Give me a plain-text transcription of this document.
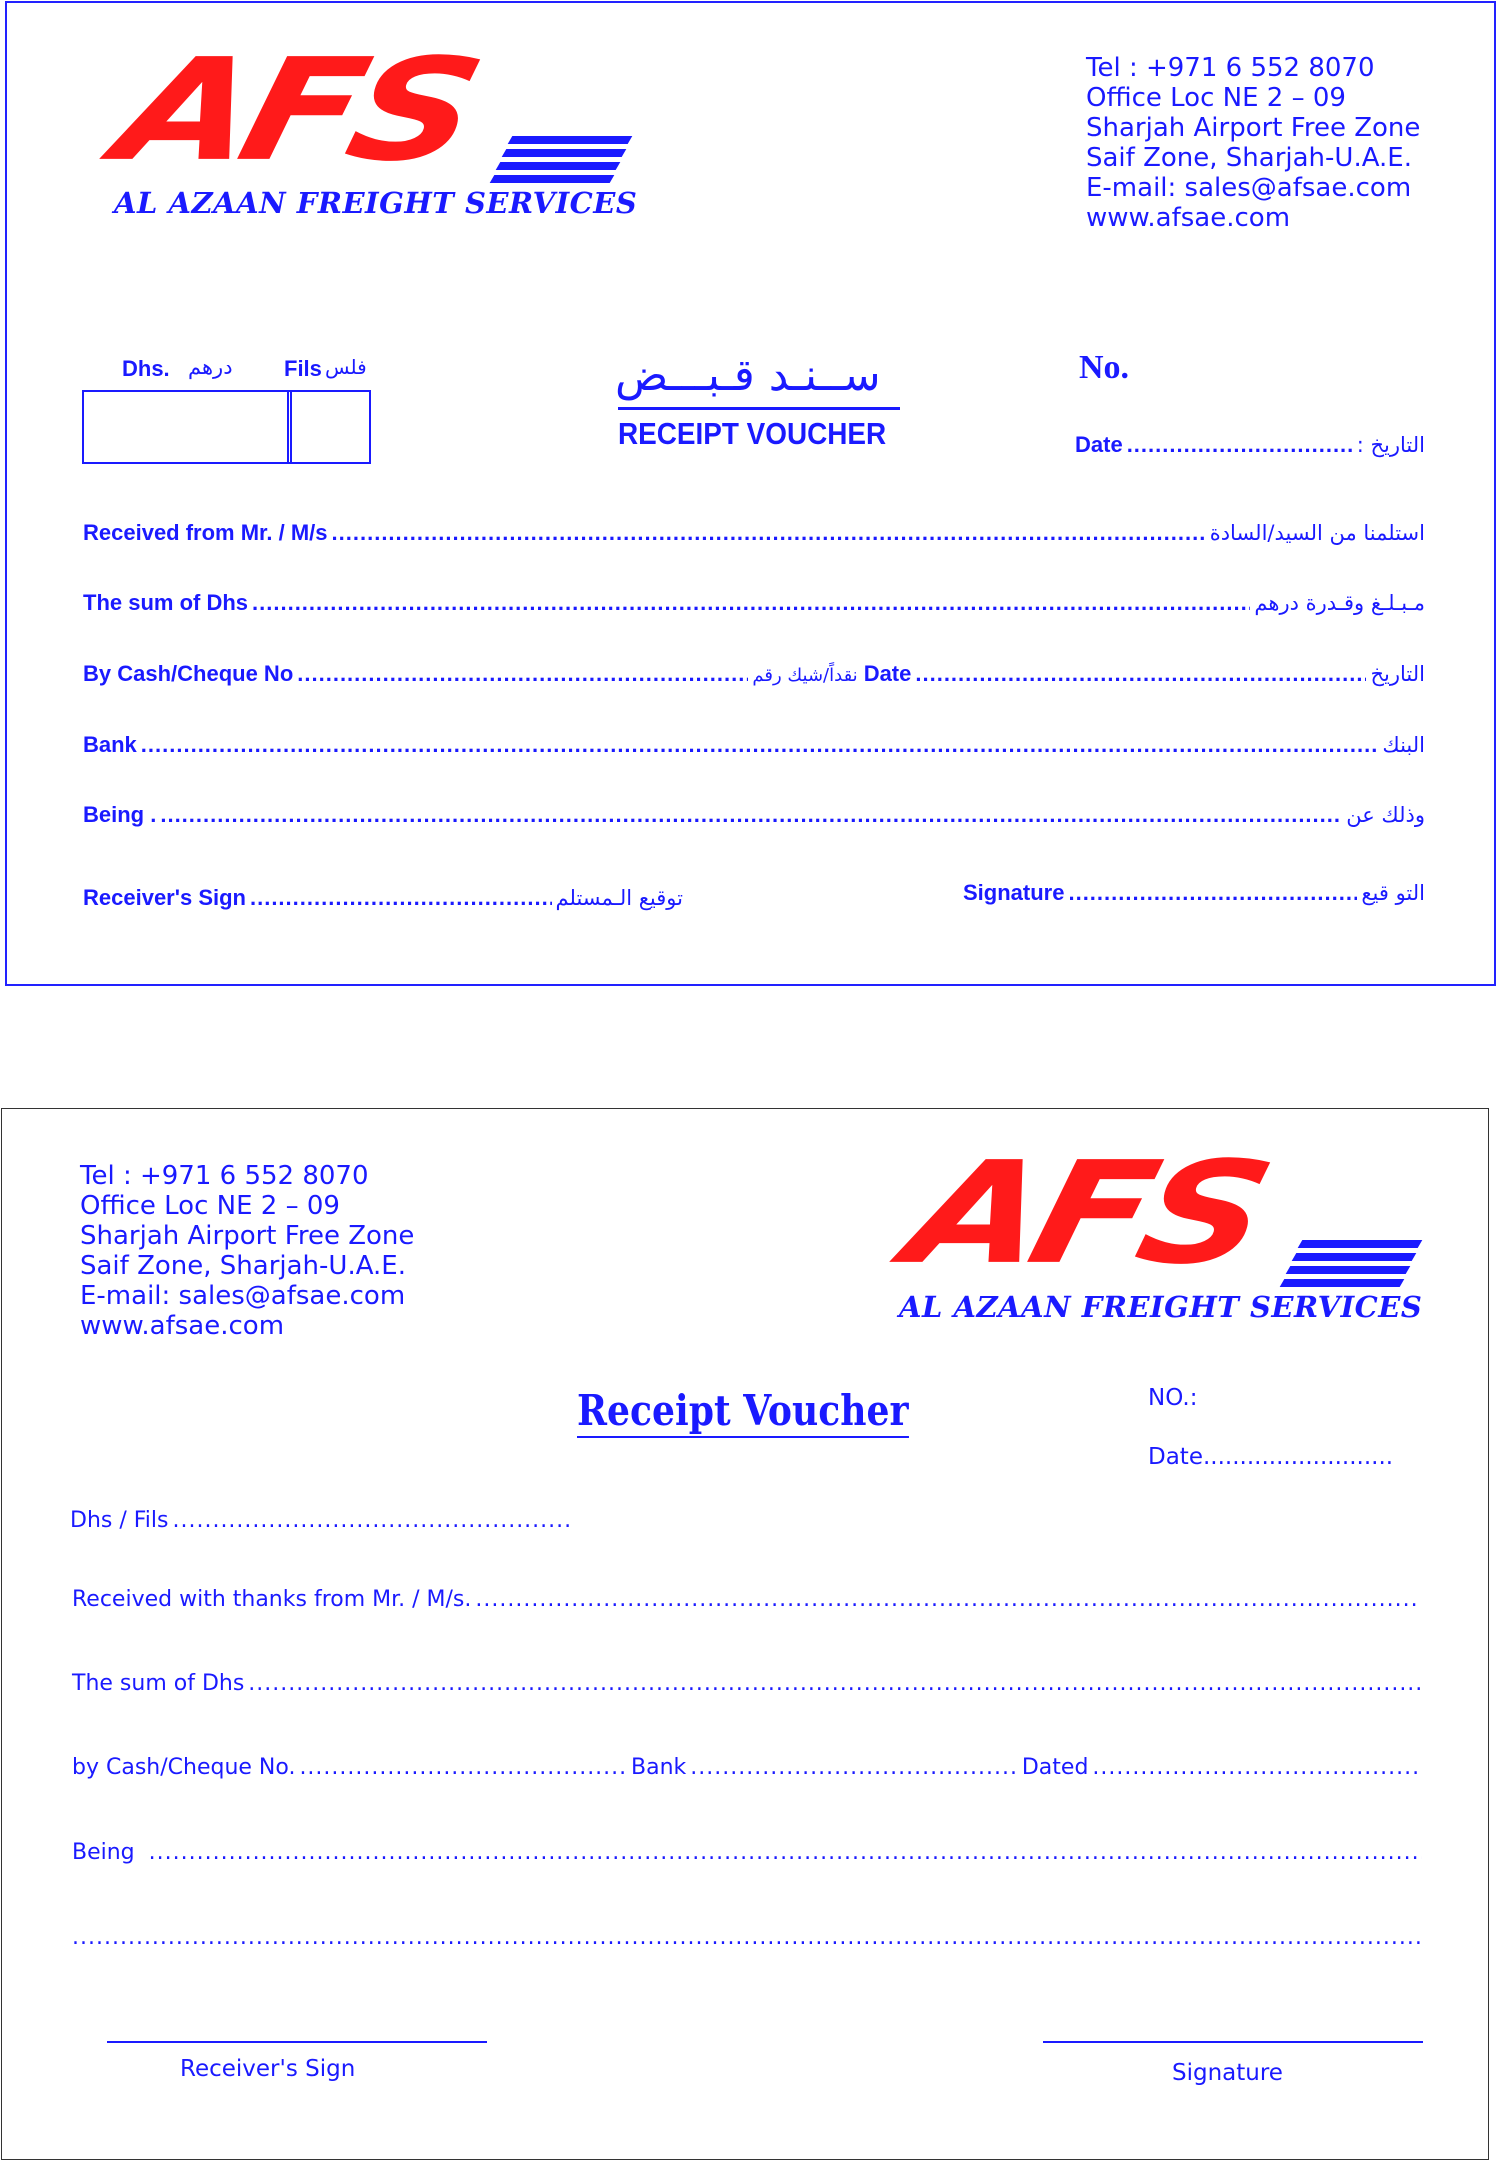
AFS
AL AZAAN FREIGHT SERVICES
Tel : +971 6 552 8070
Office Loc NE 2 – 09
Sharjah Airport Free Zone
Saif Zone, Sharjah-U.A.E.
E-mail: sales@afsae.com
www.afsae.com
Dhs. درهم Fils فلس	ســنـد قـبـــض
RECEIPT VOUCHER
No.
Date .....	التاريخ :
Received from Mr. / M/s .....	استلمنا من السيد/السادة
The sum of Dhs .....	مـبـلـغ وقـدرة درهم
By Cash/Cheque No .....	نقداً/شيك رقم Date .....	التاريخ
Bank .....	البنك
Being . .....	وذلك عن
Receiver's Sign .....	توقيع الـمستلم	Signature .....	التو قيع
Tel : +971 6 552 8070
Office Loc NE 2 – 09
Sharjah Airport Free Zone
Saif Zone, Sharjah-U.A.E.
E-mail: sales@afsae.com
www.afsae.com
AFS
AL AZAAN FREIGHT SERVICES
Receipt Voucher	NO.:
Date..........................
Dhs / Fils
.....
Received with thanks from Mr. / M/s.
.....
The sum of Dhs
.....
by Cash/Cheque No. .....	Bank .....	Dated
.....
Being
.....
.....
Receiver's Sign	Signature
